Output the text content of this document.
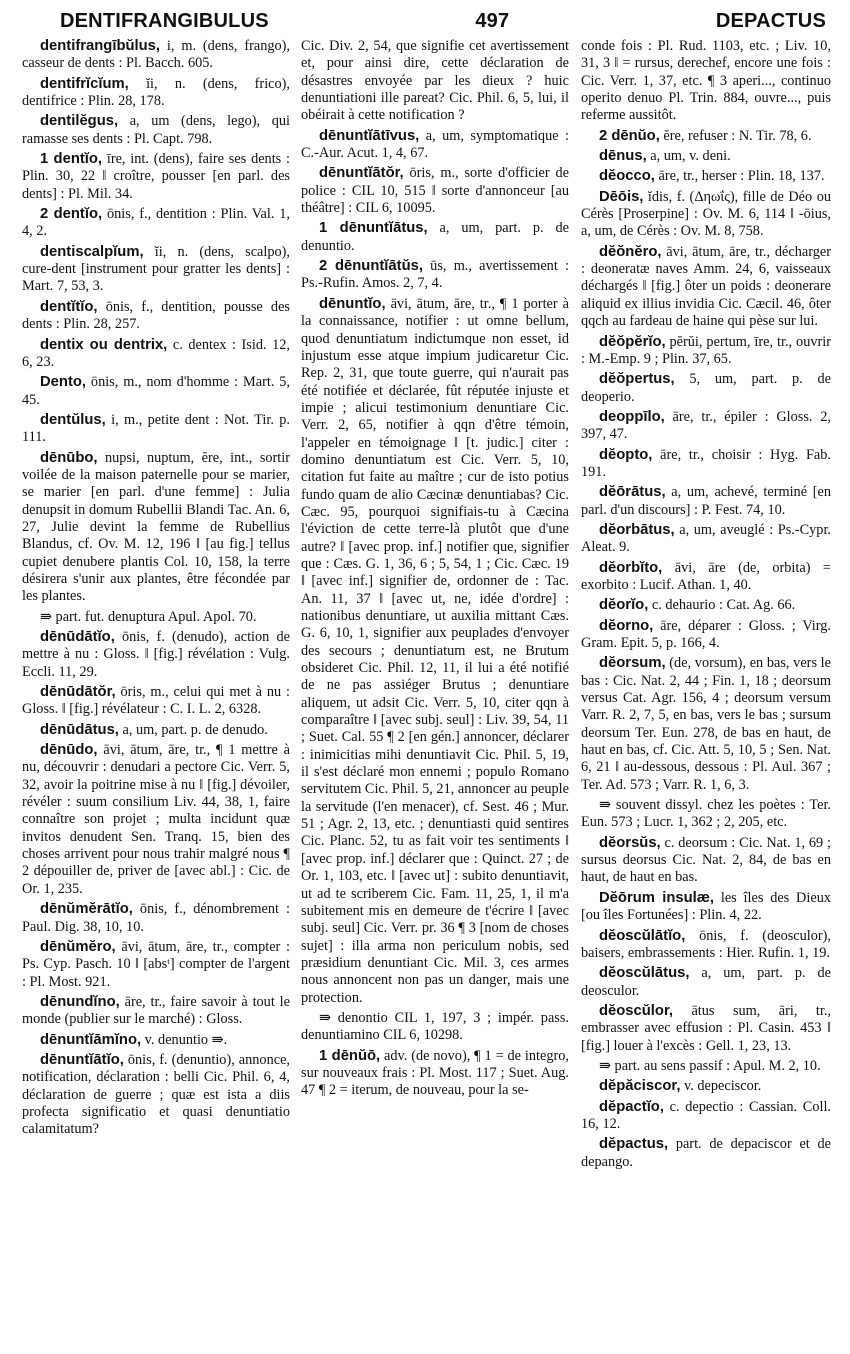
DENTIFRANGIBULUS	497	DEPACTUS

dentifrangībŭlus, i, m. (dens, frango), casseur de dents : Pl. Bacch. 605.

dentifrĭcĭum, ĭi, n. (dens, frico), dentifrice : Plin. 28, 178.

dentilĕgus, a, um (dens, lego), qui ramasse ses dents : Pl. Capt. 798.

1 dentĭo, īre, int. (dens), faire ses dents : Plin. 30, 22 ‖ croître, pousser [en parl. des dents] : Pl. Mil. 34.

2 dentĭo, ōnis, f., dentition : Plin. Val. 1, 4, 2.

dentiscalpĭum, ĭi, n. (dens, scalpo), cure-dent [instrument pour gratter les dents] : Mart. 7, 53, 3.

dentĭtĭo, ōnis, f., dentition, pousse des dents : Plin. 28, 257.

dentix ou dentrix, c. dentex : Isid. 12, 6, 23.

Dento, ōnis, m., nom d'homme : Mart. 5, 45.

dentŭlus, i, m., petite dent : Not. Tir. p. 111.

dēnūbo, nupsi, nuptum, ĕre, int., sortir voilée de la maison paternelle pour se marier, se marier [en parl. d'une femme] : Julia denupsit in domum Rubellii Blandi Tac. An. 6, 27, Julie devint la femme de Rubellius Blandus, cf. Ov. M. 12, 196 ‖ [au fig.] tellus cupiet denubere plantis Col. 10, 158, la terre désirera s'unir aux plantes, être fécondée par les plantes.

⇛ part. fut. denuptura Apul. Apol. 70.

dēnūdātĭo, ōnis, f. (denudo), action de mettre à nu : Gloss. ‖ [fig.] révélation : Vulg. Eccli. 11, 29.

dēnūdātŏr, ōris, m., celui qui met à nu : Gloss. ‖ [fig.] révélateur : C. I. L. 2, 6328.

dēnūdātus, a, um, part. p. de denudo.

dēnūdo, āvi, ātum, āre, tr., ¶ 1 mettre à nu, découvrir : denudari a pectore Cic. Verr. 5, 32, avoir la poitrine mise à nu ‖ [fig.] dévoiler, révéler : suum consilium Liv. 44, 38, 1, faire connaître son projet ; multa incidunt quæ invitos denudent Sen. Tranq. 15, bien des choses arrivent pour nous trahir malgré nous ¶ 2 dépouiller de, priver de [avec abl.] : Cic. de Or. 1, 235.

dēnŭmĕrātĭo, ōnis, f., dénombrement : Paul. Dig. 38, 10, 10.

dēnŭmĕro, āvi, ātum, āre, tr., compter : Ps. Cyp. Pasch. 10 ‖ [absᵗ] compter de l'argent : Pl. Most. 921.

dēnundĭno, āre, tr., faire savoir à tout le monde (publier sur le marché) : Gloss.

dēnuntĭāmĭno, v. denuntio ⇛.

dēnuntĭātĭo, ōnis, f. (denuntio), annonce, notification, déclaration : belli Cic. Phil. 6, 4, déclaration de guerre ; quæ est ista a diis profecta significatio et quasi denuntiatio calamitatum?

Cic. Div. 2, 54, que signifie cet avertissement et, pour ainsi dire, cette déclaration de désastres envoyée par les dieux ? huic denuntiationi ille pareat? Cic. Phil. 6, 5, lui, il obéirait à cette notification ?

dēnuntĭātīvus, a, um, symptomatique : C.-Aur. Acut. 1, 4, 67.

dēnuntĭātŏr, ōris, m., sorte d'officier de police : CIL 10, 515 ‖ sorte d'annonceur [au théâtre] : CIL 6, 10095.

1 dēnuntĭātus, a, um, part. p. de denuntio.

2 dēnuntĭātŭs, ūs, m., avertissement : Ps.-Rufin. Amos. 2, 7, 4.

dēnuntĭo, āvi, ātum, āre, tr., ¶ 1 porter à la connaissance, notifier : ut omne bellum, quod denuntiatum indictumque non esset, id injustum esse atque impium judicaretur Cic. Rep. 2, 31, que toute guerre, qui n'aurait pas été notifiée et déclarée, fût réputée injuste et impie ; alicui testimonium denuntiare Cic. Verr. 2, 65, notifier à qqn d'être témoin, l'appeler en témoignage ‖ [t. judic.] citer : domino denuntiatum est Cic. Verr. 5, 10, citation fut faite au maître ; cur de isto potius fundo quam de alio Cæcinæ denuntiabas? Cic. Cæc. 95, pourquoi signifiais-tu à Cæcina l'éviction de cette terre-là plutôt que d'une autre? ‖ [avec prop. inf.] notifier que, signifier que : Cæs. G. 1, 36, 6 ; 5, 54, 1 ; Cic. Cæc. 19 ‖ [avec inf.] signifier de, ordonner de : Tac. An. 11, 37 ‖ [avec ut, ne, idée d'ordre] : nationibus denuntiare, ut auxilia mittant Cæs. G. 6, 10, 1, signifier aux peuplades d'envoyer des secours ; denuntiatum est, ne Brutum obsideret Cic. Phil. 12, 11, il lui a été notifié de ne pas assiéger Brutus ; denuntiare aliquem, ut adsit Cic. Verr. 5, 10, citer qqn à comparaître ‖ [avec subj. seul] : Liv. 39, 54, 11 ; Suet. Cal. 55 ¶ 2 [en gén.] annoncer, déclarer : inimicitias mihi denuntiavit Cic. Phil. 5, 19, il s'est déclaré mon ennemi ; populo Romano servitutem Cic. Phil. 5, 21, annoncer au peuple la servitude (l'en menacer), cf. Sest. 46 ; Mur. 51 ; Agr. 2, 13, etc. ; denuntiasti quid sentires Cic. Planc. 52, tu as fait voir tes sentiments ‖ [avec prop. inf.] déclarer que : Quinct. 27 ; de Or. 1, 103, etc. ‖ [avec ut] : subito denuntiavit, ut ad te scriberem Cic. Fam. 11, 25, 1, il m'a subitement mis en demeure de t'écrire ‖ [avec subj. seul] Cic. Verr. pr. 36 ¶ 3 [nom de choses sujet] : illa arma non periculum nobis, sed præsidium denuntiant Cic. Mil. 3, ces armes nous annoncent non pas un danger, mais une protection.

⇛ denontio CIL 1, 197, 3 ; impér. pass. denuntiamino CIL 6, 10298.

1 dēnŭō, adv. (de novo), ¶ 1 = de integro, sur nouveaux frais : Pl. Most. 117 ; Suet. Aug. 47 ¶ 2 = iterum, de nouveau, pour la se-

conde fois : Pl. Rud. 1103, etc. ; Liv. 10, 31, 3 ‖ = rursus, derechef, encore une fois : Cic. Verr. 1, 37, etc. ¶ 3 aperi..., continuo operito denuo Pl. Trin. 884, ouvre..., puis referme aussitôt.

2 dēnŭo, ĕre, refuser : N. Tir. 78, 6.

dēnus, a, um, v. deni.

dĕocco, āre, tr., herser : Plin. 18, 137.

Dēōis, ĭdis, f. (Δηωΐς), fille de Déo ou Cérès [Proserpine] : Ov. M. 6, 114 ‖ -ōius, a, um, de Cérès : Ov. M. 8, 758.

dĕŏnĕro, āvi, ātum, āre, tr., décharger : deoneratæ naves Amm. 24, 6, vaisseaux déchargés ‖ [fig.] ôter un poids : deonerare aliquid ex illius invidia Cic. Cæcil. 46, ôter qqch au fardeau de haine qui pèse sur lui.

dĕŏpĕrĭo, pĕrŭi, pertum, īre, tr., ouvrir : M.-Emp. 9 ; Plin. 37, 65.

dĕŏpertus, 5, um, part. p. de deoperio.

deoppīlo, āre, tr., épiler : Gloss. 2, 397, 47.

dĕopto, āre, tr., choisir : Hyg. Fab. 191.

dĕōrātus, a, um, achevé, terminé [en parl. d'un discours] : P. Fest. 74, 10.

dĕorbātus, a, um, aveuglé : Ps.-Cypr. Aleat. 9.

dĕorbĭto, āvi, āre (de, orbita) = exorbito : Lucif. Athan. 1, 40.

dĕorĭo, c. dehaurio : Cat. Ag. 66.

dĕorno, āre, déparer : Gloss. ; Virg. Gram. Epit. 5, p. 166, 4.

dĕorsum, (de, vorsum), en bas, vers le bas : Cic. Nat. 2, 44 ; Fin. 1, 18 ; deorsum versus Cat. Agr. 156, 4 ; deorsum versum Varr. R. 2, 7, 5, en bas, vers le bas ; sursum deorsum Ter. Eun. 278, de bas en haut, de haut en bas, cf. Cic. Att. 5, 10, 5 ; Sen. Nat. 6, 21 ‖ au-dessous, dessous : Pl. Aul. 367 ; Ter. Ad. 573 ; Varr. R. 1, 6, 3.

⇛ souvent dissyl. chez les poètes : Ter. Eun. 573 ; Lucr. 1, 362 ; 2, 205, etc.

dĕorsŭs, c. deorsum : Cic. Nat. 1, 69 ; sursus deorsus Cic. Nat. 2, 84, de bas en haut, de haut en bas.

Dĕōrum insulæ, les îles des Dieux [ou îles Fortunées] : Plin. 4, 22.

dĕoscŭlātĭo, ōnis, f. (deosculor), baisers, embrassements : Hier. Rufin. 1, 19.

dĕoscŭlātus, a, um, part. p. de deosculor.

dĕoscŭlor, ātus sum, āri, tr., embrasser avec effusion : Pl. Casin. 453 ‖ [fig.] louer à l'excès : Gell. 1, 23, 13.

⇛ part. au sens passif : Apul. M. 2, 10.

dĕpăciscor, v. depeciscor.

dĕpactĭo, c. depectio : Cassian. Coll. 16, 12.

dĕpactus, part. de depaciscor et de depango.
